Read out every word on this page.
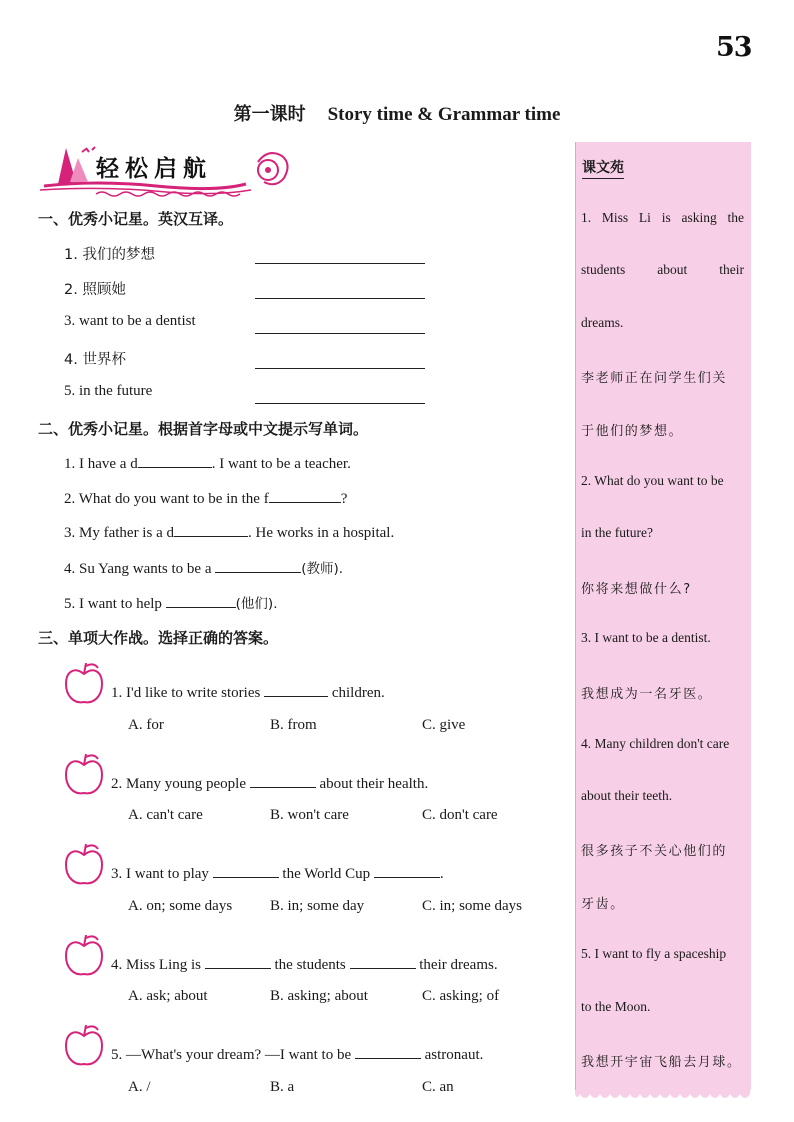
53
第一课时 Story time & Grammar time
轻松启航
一、优秀小记星。英汉互译。
1. 我们的梦想
2. 照顾她
3. want to be a dentist
4. 世界杯
5. in the future
二、优秀小记星。根据首字母或中文提示写单词。
1. I have a d	. I want to be a teacher.
2. What do you want to be in the f	?
3. My father is a d	. He works in a hospital.
4. Su Yang wants to be a	(教师).
5. I want to help	(他们).
三、单项大作战。选择正确的答案。
1. I'd like to write stories	children.
A. for	B. from	C. give
2. Many young people	about their health.
A. can't care	B. won't care	C. don't care
3. I want to play	the World Cup	.
A. on; some days	B. in; some day	C. in; some days
4. Miss Ling is	the students	their dreams.
A. ask; about	B. asking; about	C. asking; of
5. —What's your dream? —I want to be	astronaut.
A. /	B. a	C. an
课文苑
1. Miss Li is asking the
students about their
dreams.
李老师正在问学生们关
于他们的梦想。
2. What do you want to be
in the future?
你将来想做什么?
3. I want to be a dentist.
我想成为一名牙医。
4. Many children don't care
about their teeth.
很多孩子不关心他们的
牙齿。
5. I want to fly a spaceship
to the Moon.
我想开宇宙飞船去月球。
